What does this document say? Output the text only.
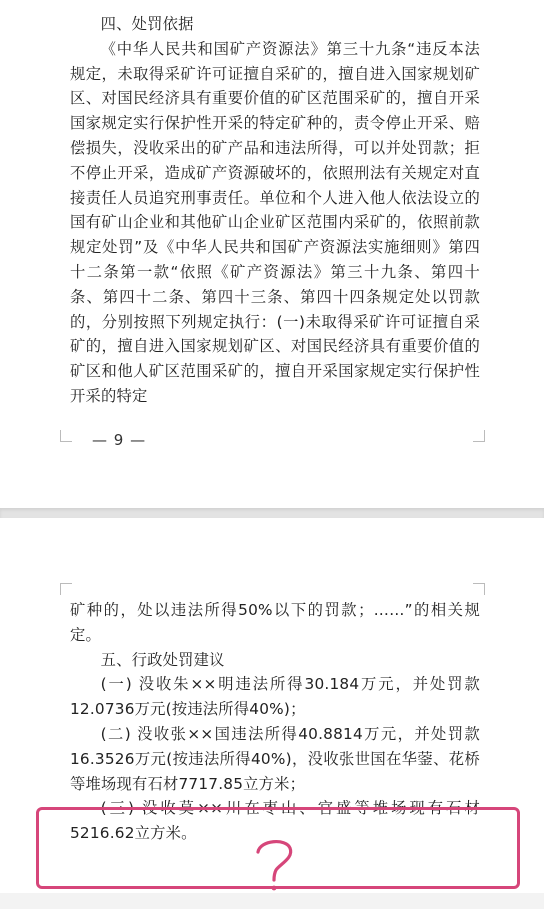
四、处罚依据

《中华人民共和国矿产资源法》第三十九条“违反本法规定，未取得采矿许可证擅自采矿的，擅自进入国家规划矿区、对国民经济具有重要价值的矿区范围采矿的，擅自开采国家规定实行保护性开采的特定矿种的，责令停止开采、赔偿损失，没收采出的矿产品和违法所得，可以并处罚款；拒不停止开采，造成矿产资源破坏的，依照刑法有关规定对直接责任人员追究刑事责任。单位和个人进入他人依法设立的国有矿山企业和其他矿山企业矿区范围内采矿的，依照前款规定处罚”及《中华人民共和国矿产资源法实施细则》第四十二条第一款“依照《矿产资源法》第三十九条、第四十条、第四十二条、第四十三条、第四十四条规定处以罚款的，分别按照下列规定执行：(一)未取得采矿许可证擅自采矿的，擅自进入国家规划矿区、对国民经济具有重要价值的矿区和他人矿区范围采矿的，擅自开采国家规定实行保护性开采的特定

— 9 —

矿种的，处以违法所得50%以下的罚款；……”的相关规定。

五、行政处罚建议

(一) 没收朱××明违法所得30.184万元，并处罚款12.0736万元(按违法所得40%)；

(二) 没收张××国违法所得40.8814万元，并处罚款16.3526万元(按违法所得40%)，没收张世国在华蓥、花桥等堆场现有石材7717.85立方米；

(三) 没收莫××川在枣山、官盛等堆场现有石材5216.62立方米。
